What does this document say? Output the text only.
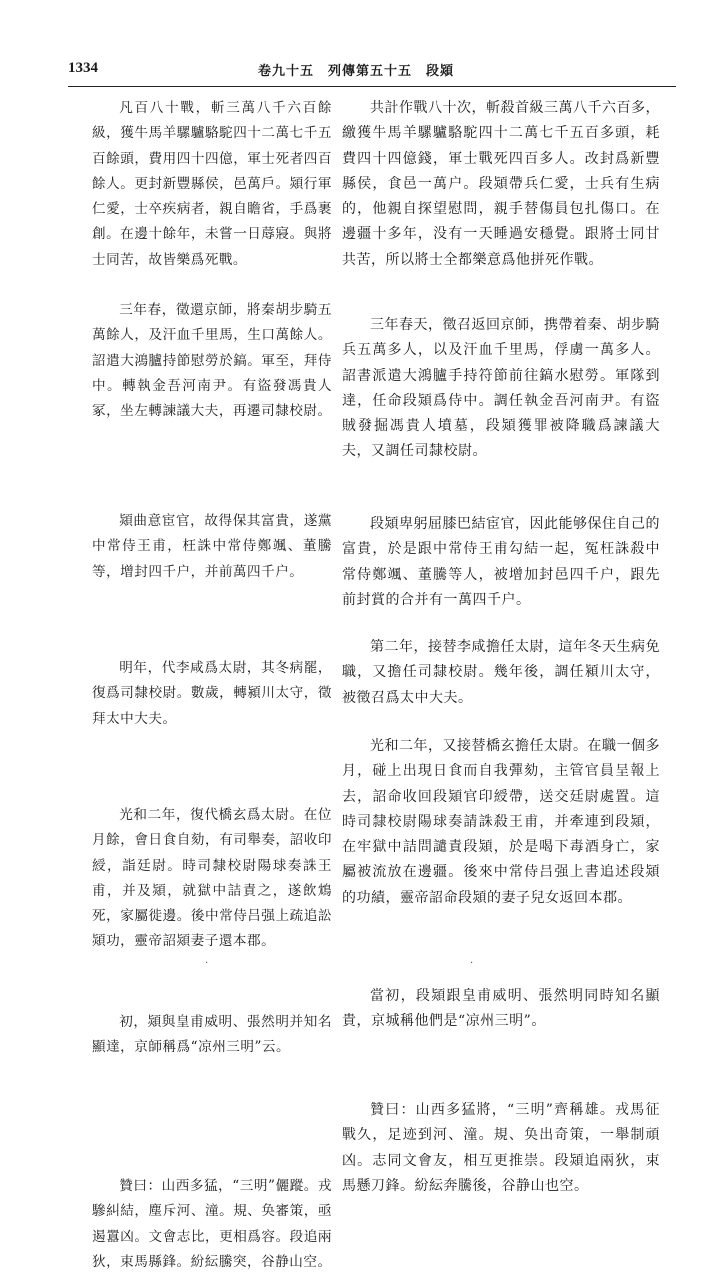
1334	卷九十五　列傳第五十五　段熲

凡百八十戰，斬三萬八千六百餘級，獲牛馬羊騾驢駱駝四十二萬七千五百餘頭，費用四十四億，軍士死者四百餘人。更封新豐縣侯，邑萬戶。熲行軍仁愛，士卒疾病者，親自瞻省，手爲裹創。在邊十餘年，未嘗一日蓐寢。與將士同苦，故皆樂爲死戰。

三年春，徵還京師，將秦胡步騎五萬餘人，及汗血千里馬，生口萬餘人。詔遣大鴻臚持節慰勞於鎬。軍至，拜侍中。轉執金吾河南尹。有盜發馮貴人冢，坐左轉諫議大夫，再遷司隸校尉。

熲曲意宦官，故得保其富貴，遂黨中常侍王甫，枉誅中常侍鄭颯、董騰等，增封四千户，并前萬四千户。

明年，代李咸爲太尉，其冬病罷，復爲司隸校尉。數歲，轉潁川太守，徵拜太中大夫。

光和二年，復代橋玄爲太尉。在位月餘，會日食自劾，有司舉奏，詔收印綬，詣廷尉。時司隸校尉陽球奏誅王甫，并及熲，就獄中詰責之，遂飲鴆死，家屬徙邊。後中常侍吕强上疏追訟熲功，靈帝詔熲妻子還本郡。

初，熲與皇甫威明、張然明并知名顯達，京師稱爲“凉州三明”云。

贊曰：山西多猛，“三明”儷蹤。戎驂糾結，塵斥河、潼。規、奂審策，亟遏囂凶。文會志比，更相爲容。段追兩狄，束馬縣鋒。紛紜騰突，谷静山空。

共計作戰八十次，斬殺首級三萬八千六百多，繳獲牛馬羊騾驢駱駝四十二萬七千五百多頭，耗費四十四億錢，軍士戰死四百多人。改封爲新豐縣侯，食邑一萬户。段熲帶兵仁愛，士兵有生病的，他親自探望慰問，親手替傷員包扎傷口。在邊疆十多年，没有一天睡過安穩覺。跟將士同甘共苦，所以將士全都樂意爲他拼死作戰。

三年春天，徵召返回京師，携帶着秦、胡步騎兵五萬多人，以及汗血千里馬，俘虜一萬多人。詔書派遣大鴻臚手持符節前往鎬水慰勞。軍隊到達，任命段熲爲侍中。調任執金吾河南尹。有盜賊發掘馮貴人墳墓，段熲獲罪被降職爲諫議大夫，又調任司隸校尉。

段熲卑躬屈膝巴結宦官，因此能够保住自己的富貴，於是跟中常侍王甫勾結一起，冤枉誅殺中常侍鄭颯、董騰等人，被增加封邑四千户，跟先前封賞的合并有一萬四千户。

第二年，接替李咸擔任太尉，這年冬天生病免職，又擔任司隸校尉。幾年後，調任潁川太守，被徵召爲太中大夫。

光和二年，又接替橋玄擔任太尉。在職一個多月，碰上出現日食而自我彈劾，主管官員呈報上去，詔命收回段熲官印綬帶，送交廷尉處置。這時司隸校尉陽球奏請誅殺王甫，并牽連到段熲，在牢獄中詰問譴責段熲，於是喝下毒酒身亡，家屬被流放在邊疆。後來中常侍吕强上書追述段熲的功績，靈帝詔命段熲的妻子兒女返回本郡。

當初，段熲跟皇甫威明、張然明同時知名顯貴，京城稱他們是“凉州三明”。

贊曰：山西多猛將，“三明”齊稱雄。戎馬征戰久，足迹到河、潼。規、奂出奇策，一舉制頑凶。志同文會友，相互更推崇。段熲追兩狄，束馬懸刀鋒。紛紜奔騰後，谷静山也空。

·	·
